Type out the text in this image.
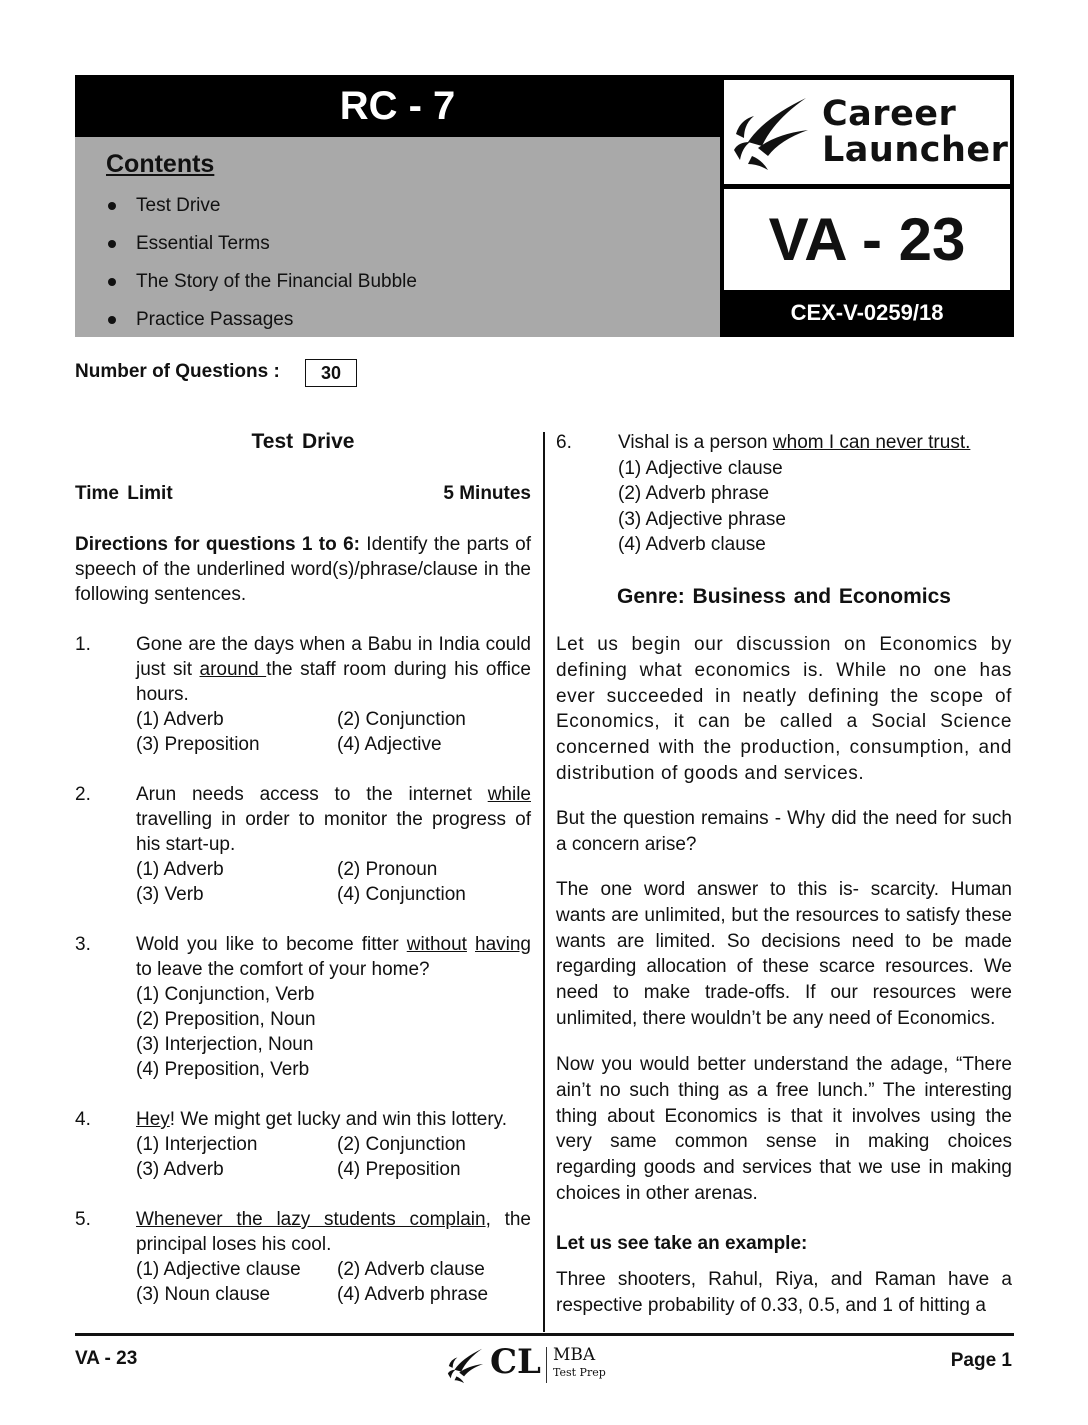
RC - 7
Contents
Test Drive
Essential Terms
The Story of the Financial Bubble
Practice Passages
Career
Launcher
VA - 23
CEX-V-0259/18
Number of Questions :	30
Test Drive
Time Limit	5 Minutes
Directions for questions 1 to 6: Identify the parts of speech of the underlined word(s)/phrase/clause in the following sentences.
1. Gone are the days when a Babu in India could just sit around the staff room during his office hours.
(1) Adverb	(2) Conjunction
(3) Preposition	(4) Adjective
2. Arun needs access to the internet while travelling in order to monitor the progress of his start-up.
(1) Adverb	(2) Pronoun
(3) Verb	(4) Conjunction
3. Wold you like to become fitter without having to leave the comfort of your home?
(1) Conjunction, Verb
(2) Preposition, Noun
(3) Interjection, Noun
(4) Preposition, Verb
4. Hey! We might get lucky and win this lottery.
(1) Interjection	(2) Conjunction
(3) Adverb	(4) Preposition
5. Whenever the lazy students complain, the principal loses his cool.
(1) Adjective clause	(2) Adverb clause
(3) Noun clause	(4) Adverb phrase
6. Vishal is a person whom I can never trust.
(1) Adjective clause
(2) Adverb phrase
(3) Adjective phrase
(4) Adverb clause
Genre: Business and Economics
Let us begin our discussion on Economics by defining what economics is. While no one has ever succeeded in neatly defining the scope of Economics, it can be called a Social Science concerned with the production, consumption, and distribution of goods and services.
But the question remains - Why did the need for such a concern arise?
The one word answer to this is- scarcity. Human wants are unlimited, but the resources to satisfy these wants are limited. So decisions need to be made regarding allocation of these scarce resources. We need to make trade-offs. If our resources were unlimited, there wouldn’t be any need of Economics.
Now you would better understand the adage, “There ain’t no such thing as a free lunch.” The interesting thing about Economics is that it involves using the very same common sense in making choices regarding goods and services that we use in making choices in other arenas.
Let us see take an example:
Three shooters, Rahul, Riya, and Raman have a respective probability of 0.33, 0.5, and 1 of hitting a
VA - 23	CL MBA
Test Prep
Page 1
